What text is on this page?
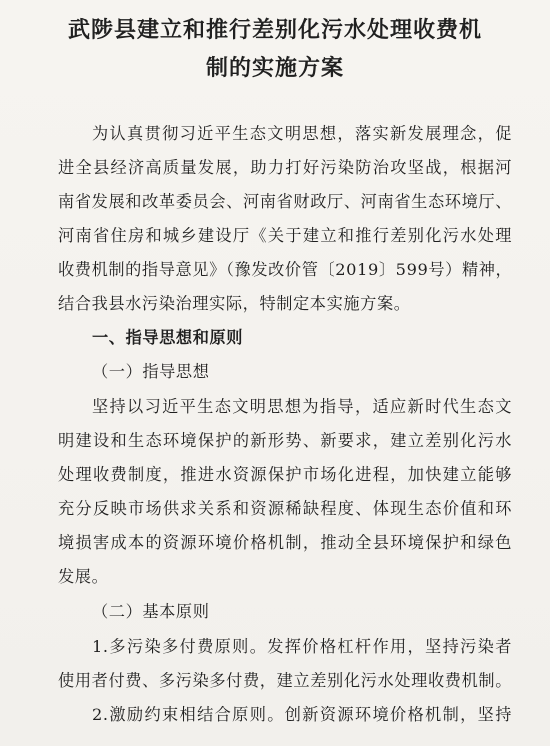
武陟县建立和推行差别化污水处理收费机
制的实施方案
为认真贯彻习近平生态文明思想，落实新发展理念，促
进全县经济高质量发展，助力打好污染防治攻坚战，根据河
南省发展和改革委员会、河南省财政厅、河南省生态环境厅、
河南省住房和城乡建设厅《关于建立和推行差别化污水处理
收费机制的指导意见》（豫发改价管〔2019〕599号）精神，
结合我县水污染治理实际，特制定本实施方案。
一、指导思想和原则
（一）指导思想
坚持以习近平生态文明思想为指导，适应新时代生态文
明建设和生态环境保护的新形势、新要求，建立差别化污水
处理收费制度，推进水资源保护市场化进程，加快建立能够
充分反映市场供求关系和资源稀缺程度、体现生态价值和环
境损害成本的资源环境价格机制，推动全县环境保护和绿色
发展。
（二）基本原则
1.多污染多付费原则。发挥价格杠杆作用，坚持污染者
使用者付费、多污染多付费，建立差别化污水处理收费机制。
2.激励约束相结合原则。创新资源环境价格机制，坚持
